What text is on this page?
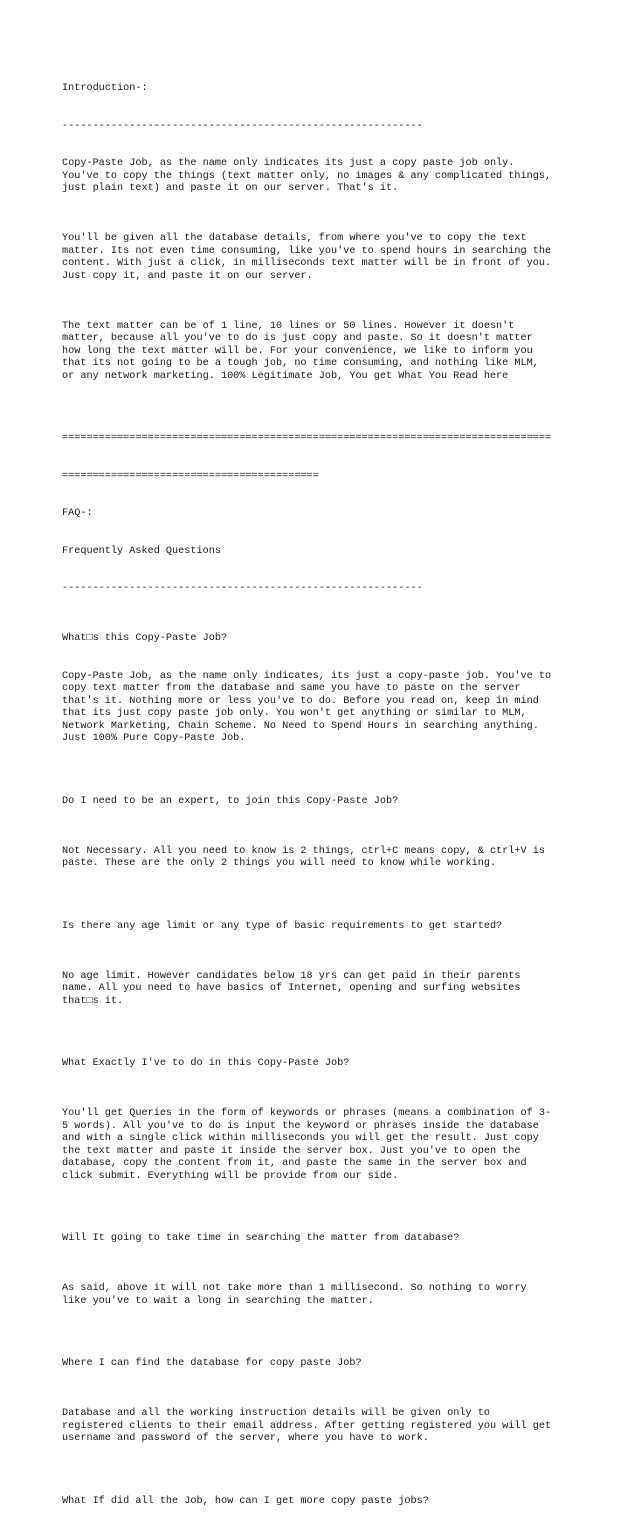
Introduction-:

-----------------------------------------------------------

Copy-Paste Job, as the name only indicates its just a copy paste job only.
You've to copy the things (text matter only, no images & any complicated things,
just plain text) and paste it on our server. That's it.

You'll be given all the database details, from where you've to copy the text
matter. Its not even time consuming, like you've to spend hours in searching the
content. With just a click, in milliseconds text matter will be in front of you.
Just copy it, and paste it on our server.

The text matter can be of 1 line, 10 lines or 50 lines. However it doesn't
matter, because all you've to do is just copy and paste. So it doesn't matter
how long the text matter will be. For your convenience, we like to inform you
that its not going to be a tough job, no time consuming, and nothing like MLM,
or any network marketing. 100% Legitimate Job, You get What You Read here

================================================================================

==========================================

FAQ-:

Frequently Asked Questions

-----------------------------------------------------------

What□s this Copy-Paste Job?

Copy-Paste Job, as the name only indicates, its just a copy-paste job. You've to
copy text matter from the database and same you have to paste on the server
that's it. Nothing more or less you've to do. Before you read on, keep in mind
that its just copy paste job only. You won't get anything or similar to MLM,
Network Marketing, Chain Scheme. No Need to Spend Hours in searching anything.
Just 100% Pure Copy-Paste Job.

Do I need to be an expert, to join this Copy-Paste Job?

Not Necessary. All you need to know is 2 things, ctrl+C means copy, & ctrl+V is
paste. These are the only 2 things you will need to know while working.

Is there any age limit or any type of basic requirements to get started?

No age limit. However candidates below 18 yrs can get paid in their parents
name. All you need to have basics of Internet, opening and surfing websites
that□s it.

What Exactly I've to do in this Copy-Paste Job?

You'll get Queries in the form of keywords or phrases (means a combination of 3-
5 words). All you've to do is input the keyword or phrases inside the database
and with a single click within milliseconds you will get the result. Just copy
the text matter and paste it inside the server box. Just you've to open the
database, copy the content from it, and paste the same in the server box and
click submit. Everything will be provide from our side.

Will It going to take time in searching the matter from database?

As said, above it will not take more than 1 millisecond. So nothing to worry
like you've to wait a long in searching the matter.

Where I can find the database for copy paste Job?

Database and all the working instruction details will be given only to
registered clients to their email address. After getting registered you will get
username and password of the server, where you have to work.

What If did all the Job, how can I get more copy paste jobs?
